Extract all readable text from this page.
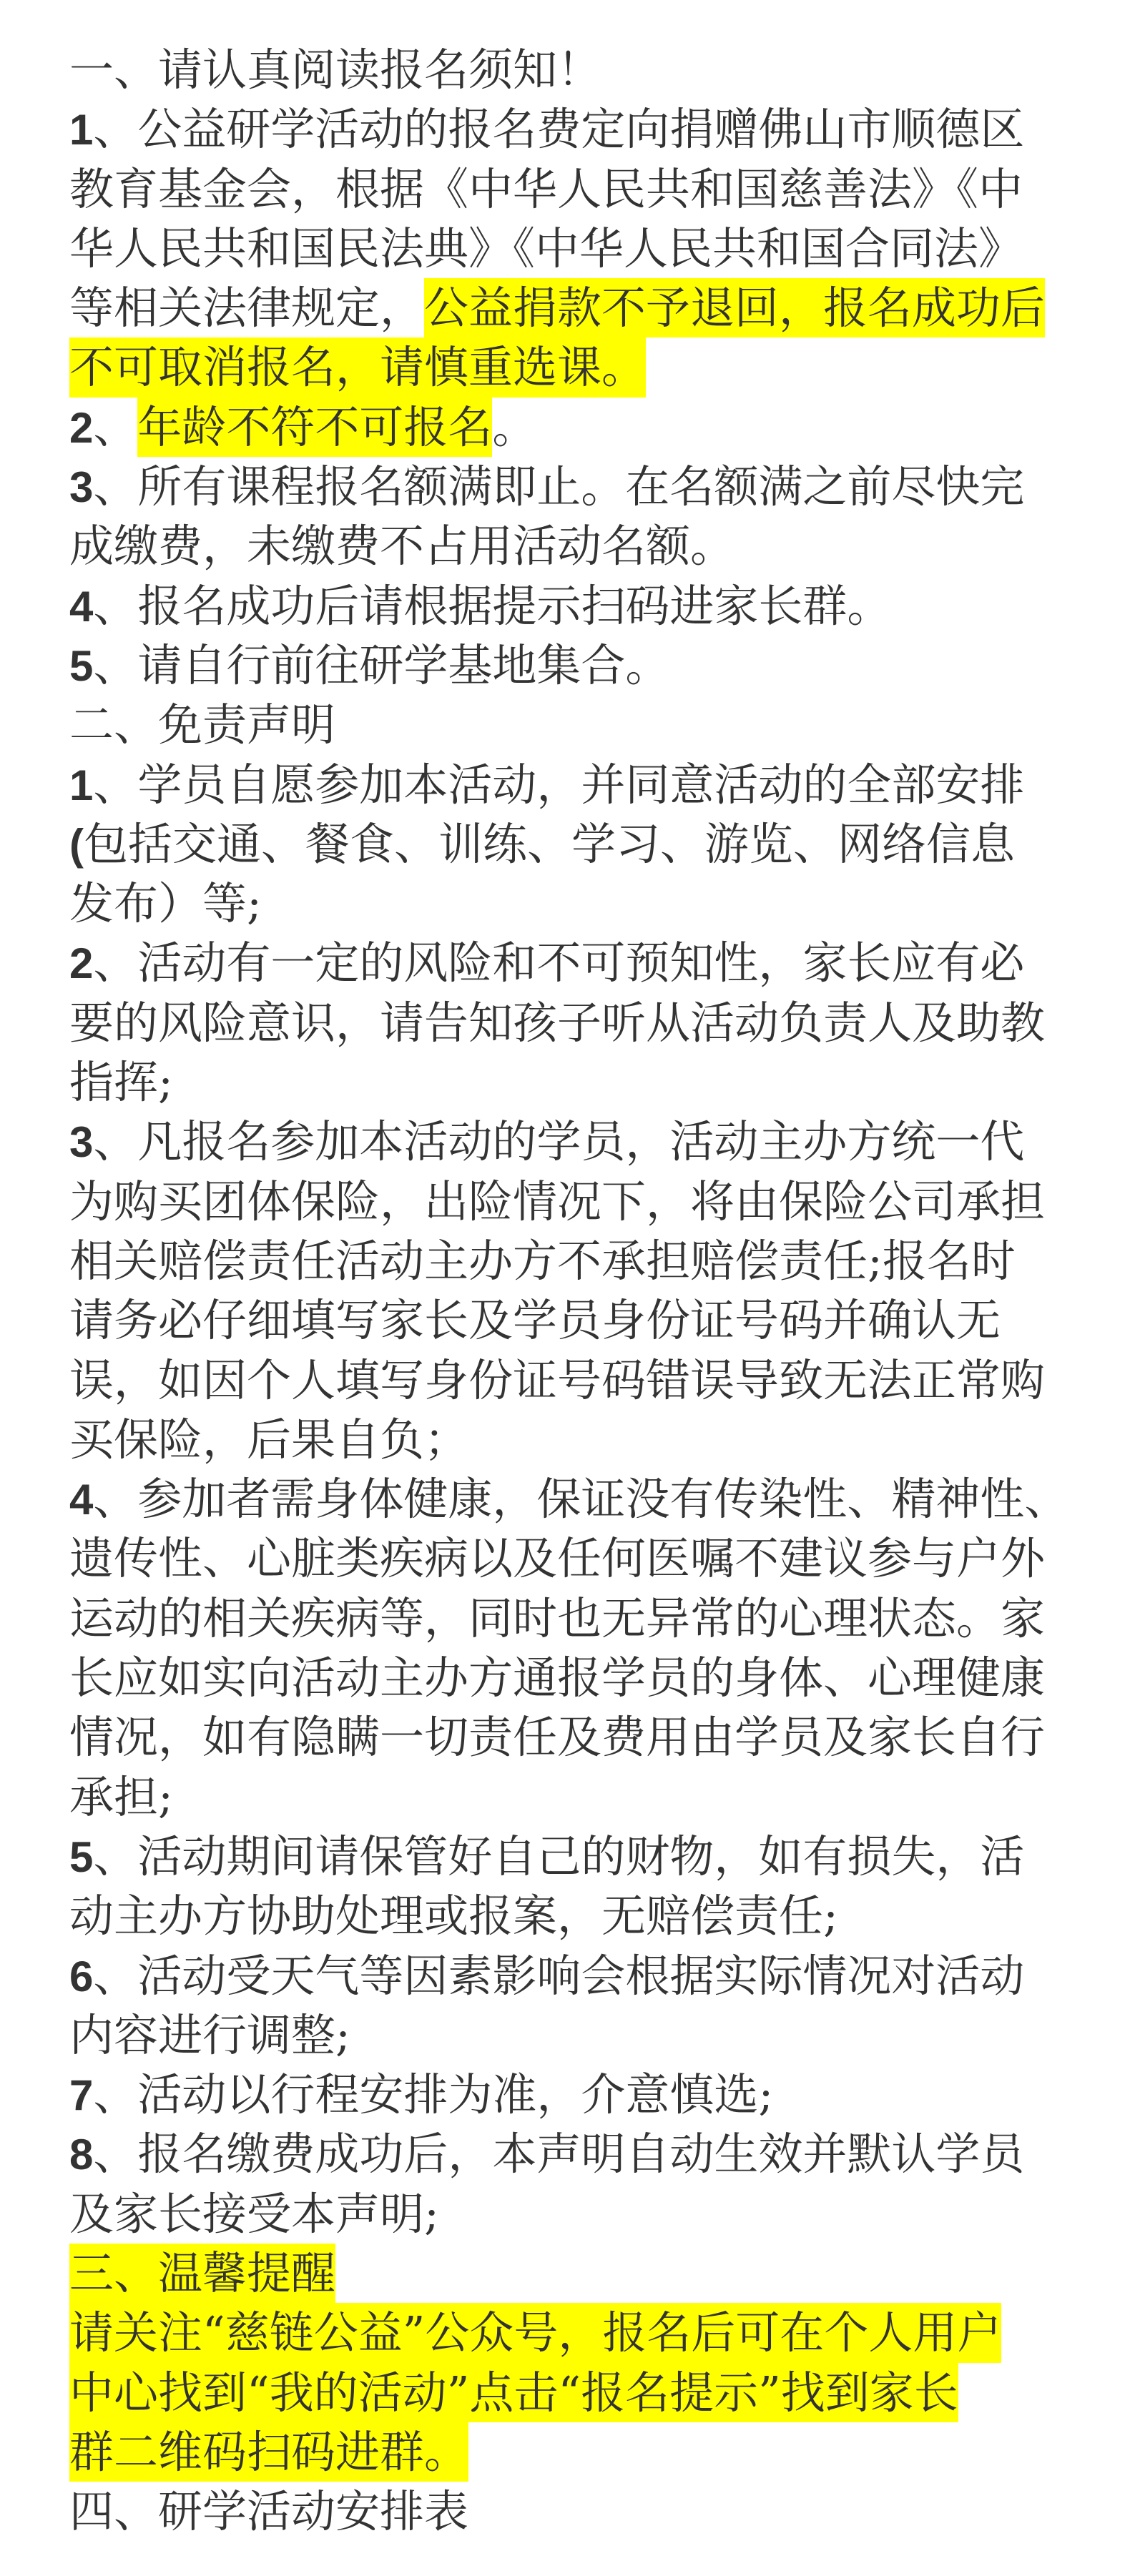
一、请认真阅读报名须知！
1、公益研学活动的报名费定向捐赠佛山市顺德区
教育基金会，根据《中华人民共和国慈善法》《中
华人民共和国民法典》《中华人民共和国合同法》
等相关法律规定，公益捐款不予退回，报名成功后
不可取消报名，请慎重选课。
2、年龄不符不可报名。
3、所有课程报名额满即止。在名额满之前尽快完
成缴费，未缴费不占用活动名额。
4、报名成功后请根据提示扫码进家长群。
5、请自行前往研学基地集合。
二、免责声明
1、学员自愿参加本活动，并同意活动的全部安排
(包括交通、餐食、训练、学习、游览、网络信息
发布）等;
2、活动有一定的风险和不可预知性，家长应有必
要的风险意识，请告知孩子听从活动负责人及助教
指挥;
3、凡报名参加本活动的学员，活动主办方统一代
为购买团体保险，出险情况下，将由保险公司承担
相关赔偿责任活动主办方不承担赔偿责任;报名时
请务必仔细填写家长及学员身份证号码并确认无
误，如因个人填写身份证号码错误导致无法正常购
买保险，后果自负；
4、参加者需身体健康，保证没有传染性、精神性、
遗传性、心脏类疾病以及任何医嘱不建议参与户外
运动的相关疾病等，同时也无异常的心理状态。家
长应如实向活动主办方通报学员的身体、心理健康
情况，如有隐瞒一切责任及费用由学员及家长自行
承担;
5、活动期间请保管好自己的财物，如有损失，活
动主办方协助处理或报案，无赔偿责任;
6、活动受天气等因素影响会根据实际情况对活动
内容进行调整;
7、活动以行程安排为准，介意慎选;
8、报名缴费成功后，本声明自动生效并默认学员
及家长接受本声明;
三、温馨提醒
请关注“慈链公益”公众号，报名后可在个人用户
中心找到“我的活动”点击“报名提示”找到家长
群二维码扫码进群。
四、研学活动安排表
